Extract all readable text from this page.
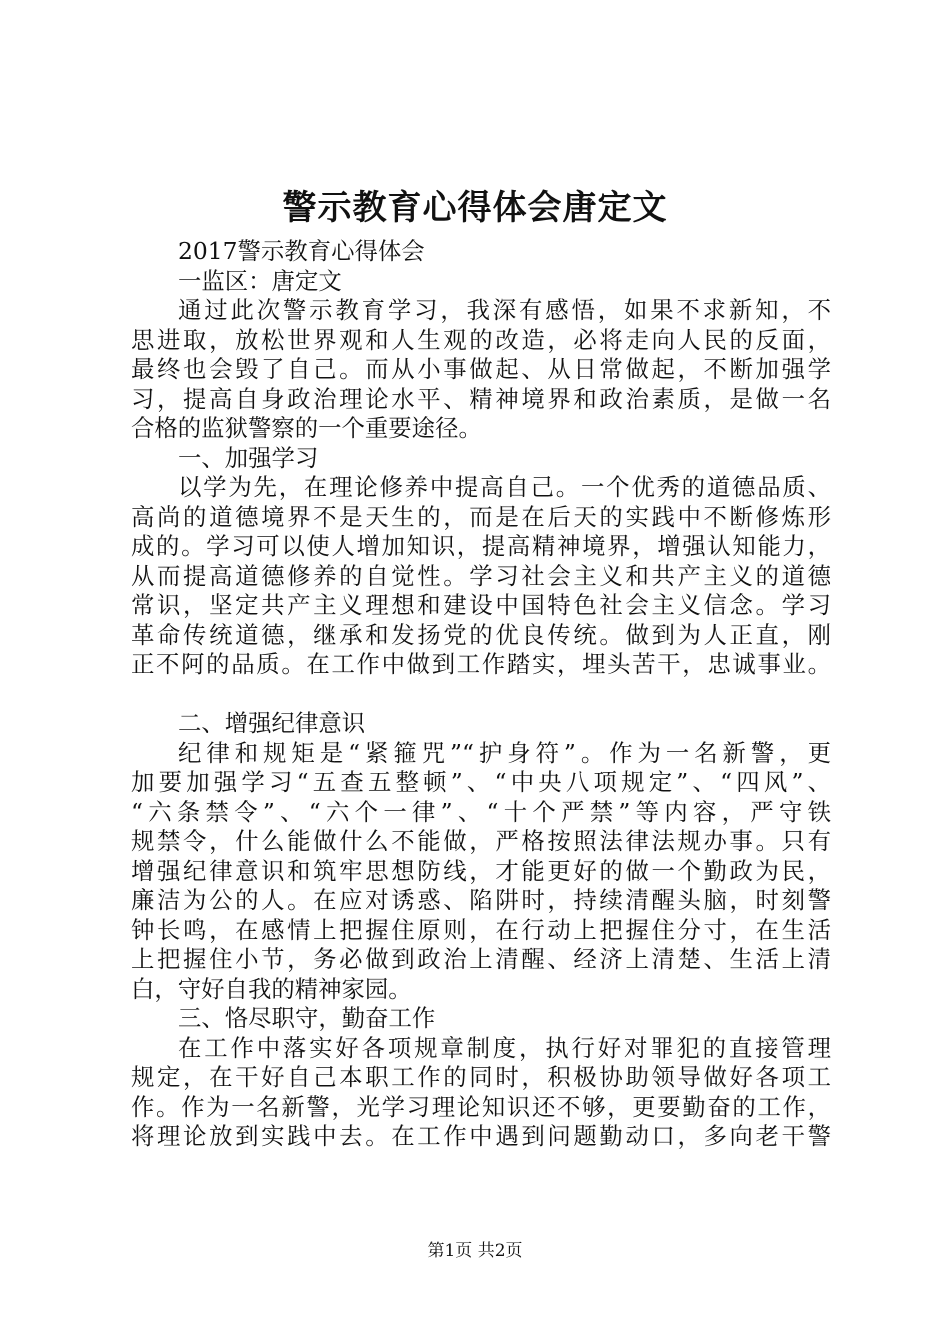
警示教育心得体会唐定文
2017警示教育心得体会
一监区：唐定文
通过此次警示教育学习，我深有感悟，如果不求新知，不
思进取，放松世界观和人生观的改造，必将走向人民的反面，
最终也会毁了自己。而从小事做起、从日常做起，不断加强学
习，提高自身政治理论水平、精神境界和政治素质，是做一名
合格的监狱警察的一个重要途径。
一、加强学习
以学为先，在理论修养中提高自己。一个优秀的道德品质、
高尚的道德境界不是天生的，而是在后天的实践中不断修炼形
成的。学习可以使人增加知识，提高精神境界，增强认知能力，
从而提高道德修养的自觉性。学习社会主义和共产主义的道德
常识，坚定共产主义理想和建设中国特色社会主义信念。学习
革命传统道德，继承和发扬党的优良传统。做到为人正直，刚
正不阿的品质。在工作中做到工作踏实，埋头苦干，忠诚事业。
二、增强纪律意识
纪律和规矩是“紧箍咒”“护身符”。作为一名新警，更
加要加强学习“五查五整顿”、“中央八项规定”、“四风”、
“六条禁令”、“六个一律”、“十个严禁”等内容，严守铁
规禁令，什么能做什么不能做，严格按照法律法规办事。只有
增强纪律意识和筑牢思想防线，才能更好的做一个勤政为民，
廉洁为公的人。在应对诱惑、陷阱时，持续清醒头脑，时刻警
钟长鸣，在感情上把握住原则，在行动上把握住分寸，在生活
上把握住小节，务必做到政治上清醒、经济上清楚、生活上清
白，守好自我的精神家园。
三、恪尽职守，勤奋工作
在工作中落实好各项规章制度，执行好对罪犯的直接管理
规定，在干好自己本职工作的同时，积极协助领导做好各项工
作。作为一名新警，光学习理论知识还不够，更要勤奋的工作，
将理论放到实践中去。在工作中遇到问题勤动口，多向老干警
第1页 共2页
